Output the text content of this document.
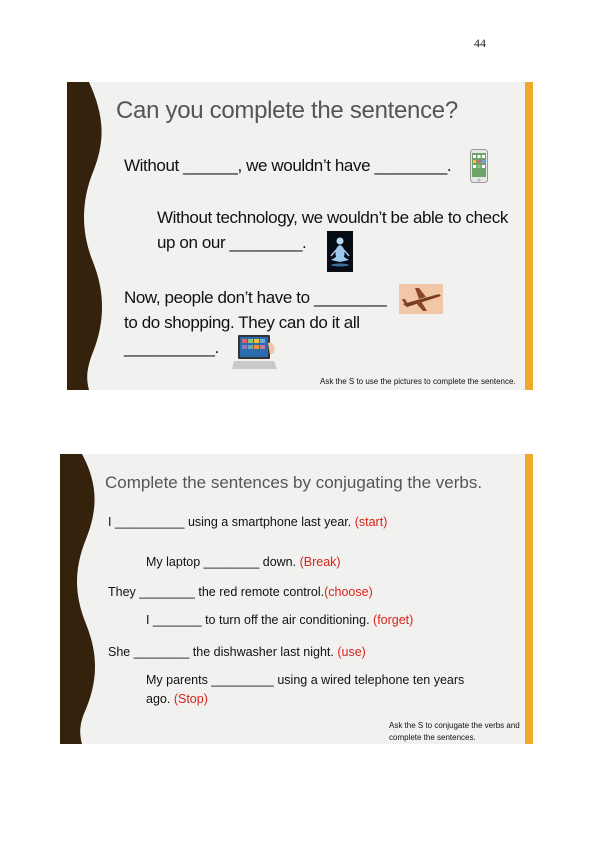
44
Can you complete the sentence?
Without ______, we wouldn’t have ________.
Without technology, we wouldn’t be able to check
up on our ________.
Now, people don’t have to ________
to do shopping. They can do it all
__________.
Ask the S to use the pictures to complete the sentence.
Complete the sentences by conjugating the verbs.
I __________ using a smartphone last year. (start)
My laptop ________ down. (Break)
They ________ the red remote control.(choose)
I _______ to turn off the air conditioning. (forget)
She ________ the dishwasher last night. (use)
My parents _________ using a wired telephone ten years
ago. (Stop)
Ask the S to conjugate the verbs and
complete the sentences.
